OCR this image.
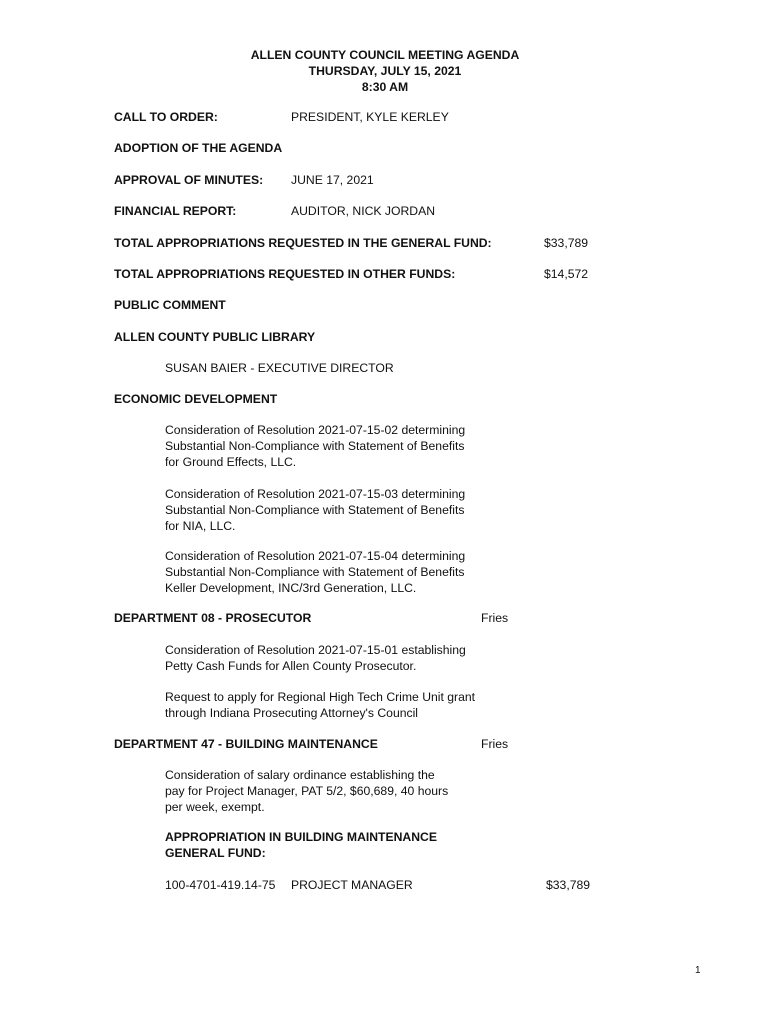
ALLEN COUNTY COUNCIL MEETING AGENDA
THURSDAY, JULY 15, 2021
8:30 AM
CALL TO ORDER:	PRESIDENT, KYLE KERLEY
ADOPTION OF THE AGENDA
APPROVAL OF MINUTES: JUNE 17, 2021
FINANCIAL REPORT:	AUDITOR, NICK JORDAN
TOTAL APPROPRIATIONS REQUESTED IN THE GENERAL FUND:	$33,789
TOTAL APPROPRIATIONS REQUESTED IN OTHER FUNDS:	$14,572
PUBLIC COMMENT
ALLEN COUNTY PUBLIC LIBRARY
SUSAN BAIER - EXECUTIVE DIRECTOR
ECONOMIC DEVELOPMENT
Consideration of Resolution 2021-07-15-02 determining
Substantial Non-Compliance with Statement of Benefits
for Ground Effects, LLC.
Consideration of Resolution 2021-07-15-03 determining
Substantial Non-Compliance with Statement of Benefits
for NIA, LLC.
Consideration of Resolution 2021-07-15-04 determining
Substantial Non-Compliance with Statement of Benefits
Keller Development, INC/3rd Generation, LLC.
DEPARTMENT 08 - PROSECUTOR	Fries
Consideration of Resolution 2021-07-15-01 establishing
Petty Cash Funds for Allen County Prosecutor.
Request to apply for Regional High Tech Crime Unit grant
through Indiana Prosecuting Attorney's Council
DEPARTMENT 47 - BUILDING MAINTENANCE	Fries
Consideration of salary ordinance establishing the
pay for Project Manager, PAT 5/2, $60,689, 40 hours
per week, exempt.
APPROPRIATION IN BUILDING MAINTENANCE
GENERAL FUND:
100-4701-419.14-75 PROJECT MANAGER	$33,789
1
